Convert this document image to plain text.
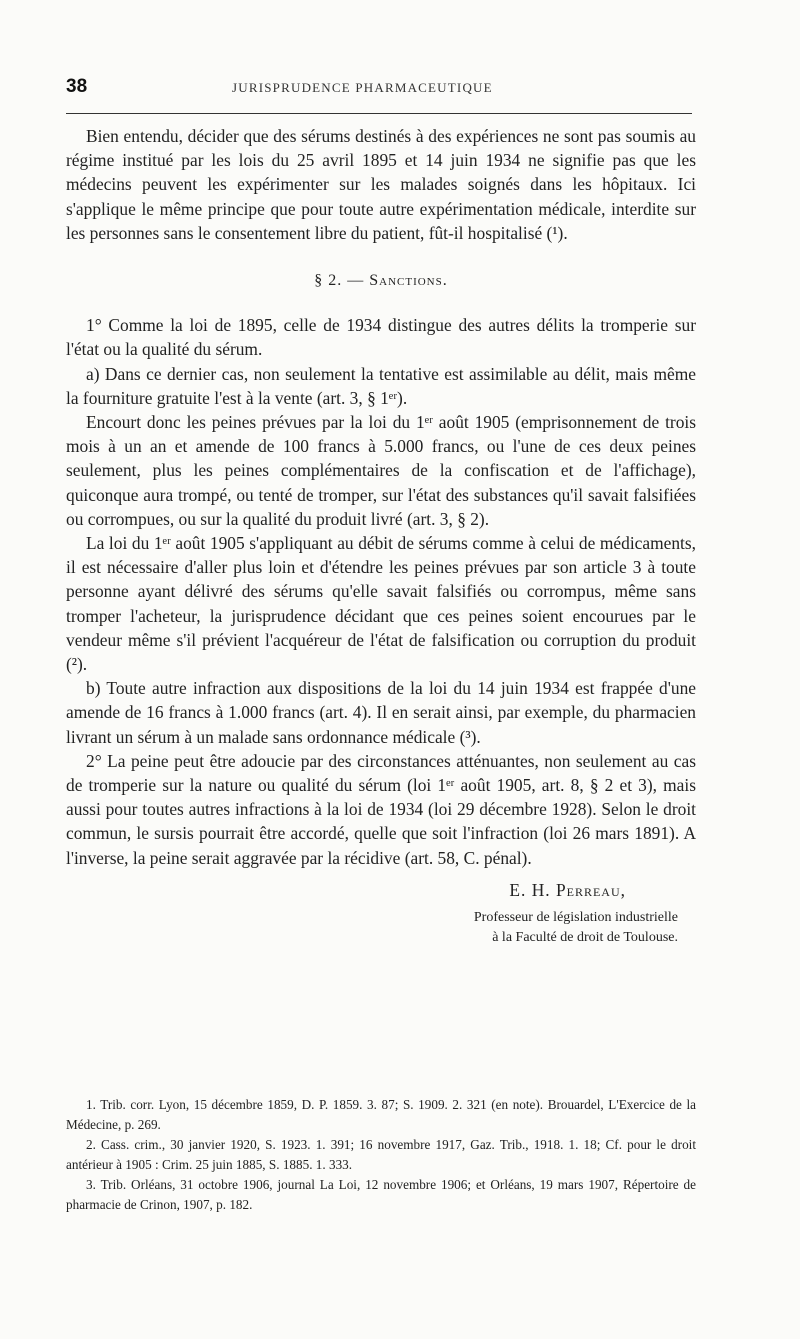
38	JURISPRUDENCE PHARMACEUTIQUE

Bien entendu, décider que des sérums destinés à des expériences ne sont pas soumis au régime institué par les lois du 25 avril 1895 et 14 juin 1934 ne signifie pas que les médecins peuvent les expérimenter sur les malades soignés dans les hôpitaux. Ici s'applique le même principe que pour toute autre expérimentation médicale, interdite sur les personnes sans le consentement libre du patient, fût-il hospitalisé (¹).

§ 2. — Sanctions.

1° Comme la loi de 1895, celle de 1934 distingue des autres délits la tromperie sur l'état ou la qualité du sérum.

a) Dans ce dernier cas, non seulement la tentative est assimilable au délit, mais même la fourniture gratuite l'est à la vente (art. 3, § 1ᵉʳ).

Encourt donc les peines prévues par la loi du 1ᵉʳ août 1905 (emprisonnement de trois mois à un an et amende de 100 francs à 5.000 francs, ou l'une de ces deux peines seulement, plus les peines complémentaires de la confiscation et de l'affichage), quiconque aura trompé, ou tenté de tromper, sur l'état des substances qu'il savait falsifiées ou corrompues, ou sur la qualité du produit livré (art. 3, § 2).

La loi du 1ᵉʳ août 1905 s'appliquant au débit de sérums comme à celui de médicaments, il est nécessaire d'aller plus loin et d'étendre les peines prévues par son article 3 à toute personne ayant délivré des sérums qu'elle savait falsifiés ou corrompus, même sans tromper l'acheteur, la jurisprudence décidant que ces peines soient encourues par le vendeur même s'il prévient l'acquéreur de l'état de falsification ou corruption du produit (²).

b) Toute autre infraction aux dispositions de la loi du 14 juin 1934 est frappée d'une amende de 16 francs à 1.000 francs (art. 4). Il en serait ainsi, par exemple, du pharmacien livrant un sérum à un malade sans ordonnance médicale (³).

2° La peine peut être adoucie par des circonstances atténuantes, non seulement au cas de tromperie sur la nature ou qualité du sérum (loi 1ᵉʳ août 1905, art. 8, § 2 et 3), mais aussi pour toutes autres infractions à la loi de 1934 (loi 29 décembre 1928). Selon le droit commun, le sursis pourrait être accordé, quelle que soit l'infraction (loi 26 mars 1891). A l'inverse, la peine serait aggravée par la récidive (art. 58, C. pénal).

E. H. Perreau,

Professeur de législation industrielle

à la Faculté de droit de Toulouse.

1. Trib. corr. Lyon, 15 décembre 1859, D. P. 1859. 3. 87; S. 1909. 2. 321 (en note). Brouardel, L'Exercice de la Médecine, p. 269.

2. Cass. crim., 30 janvier 1920, S. 1923. 1. 391; 16 novembre 1917, Gaz. Trib., 1918. 1. 18; Cf. pour le droit antérieur à 1905 : Crim. 25 juin 1885, S. 1885. 1. 333.

3. Trib. Orléans, 31 octobre 1906, journal La Loi, 12 novembre 1906; et Orléans, 19 mars 1907, Répertoire de pharmacie de Crinon, 1907, p. 182.
